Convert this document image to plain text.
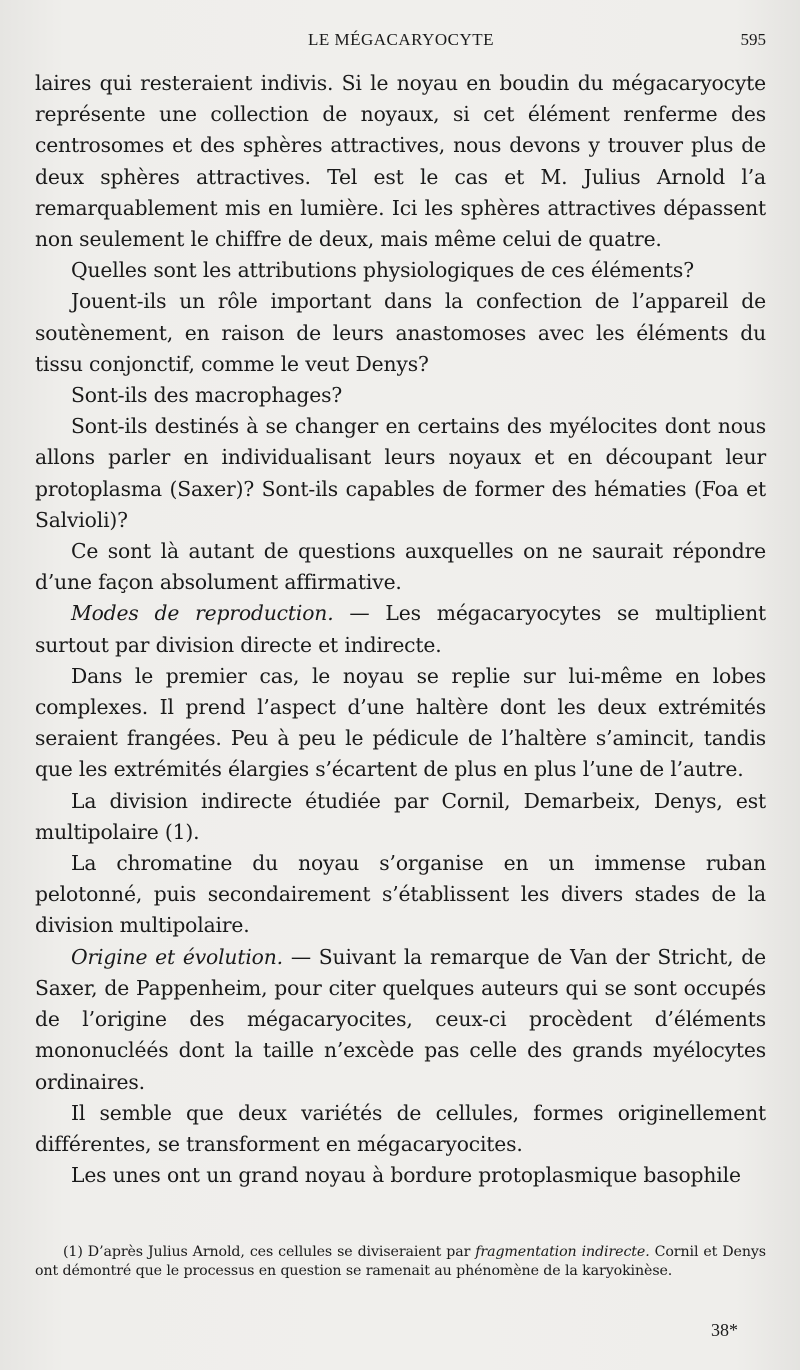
LE MÉGACARYOCYTE	595

laires qui resteraient indivis. Si le noyau en boudin du mégacaryocyte représente une collection de noyaux, si cet élément renferme des centrosomes et des sphères attractives, nous devons y trouver plus de deux sphères attractives. Tel est le cas et M. Julius Arnold l’a remarquablement mis en lumière. Ici les sphères attractives dépassent non seulement le chiffre de deux, mais même celui de quatre.

Quelles sont les attributions physiologiques de ces éléments?

Jouent-ils un rôle important dans la confection de l’appareil de soutènement, en raison de leurs anastomoses avec les éléments du tissu conjonctif, comme le veut Denys?

Sont-ils des macrophages?

Sont-ils destinés à se changer en certains des myélocites dont nous allons parler en individualisant leurs noyaux et en découpant leur protoplasma (Saxer)? Sont-ils capables de former des hématies (Foa et Salvioli)?

Ce sont là autant de questions auxquelles on ne saurait répondre d’une façon absolument affirmative.

Modes de reproduction. — Les mégacaryocytes se multiplient surtout par division directe et indirecte.

Dans le premier cas, le noyau se replie sur lui-même en lobes complexes. Il prend l’aspect d’une haltère dont les deux extrémités seraient frangées. Peu à peu le pédicule de l’haltère s’amincit, tandis que les extrémités élargies s’écartent de plus en plus l’une de l’autre.

La division indirecte étudiée par Cornil, Demarbeix, Denys, est multipolaire (1).

La chromatine du noyau s’organise en un immense ruban pelotonné, puis secondairement s’établissent les divers stades de la division multipolaire.

Origine et évolution. — Suivant la remarque de Van der Stricht, de Saxer, de Pappenheim, pour citer quelques auteurs qui se sont occupés de l’origine des mégacaryocites, ceux-ci procèdent d’éléments mononucléés dont la taille n’excède pas celle des grands myélocytes ordinaires.

Il semble que deux variétés de cellules, formes originellement différentes, se transforment en mégacaryocites.

Les unes ont un grand noyau à bordure protoplasmique basophile

(1) D’après Julius Arnold, ces cellules se diviseraient par fragmentation indirecte. Cornil et Denys ont démontré que le processus en question se ramenait au phénomène de la karyokinèse.

38*
